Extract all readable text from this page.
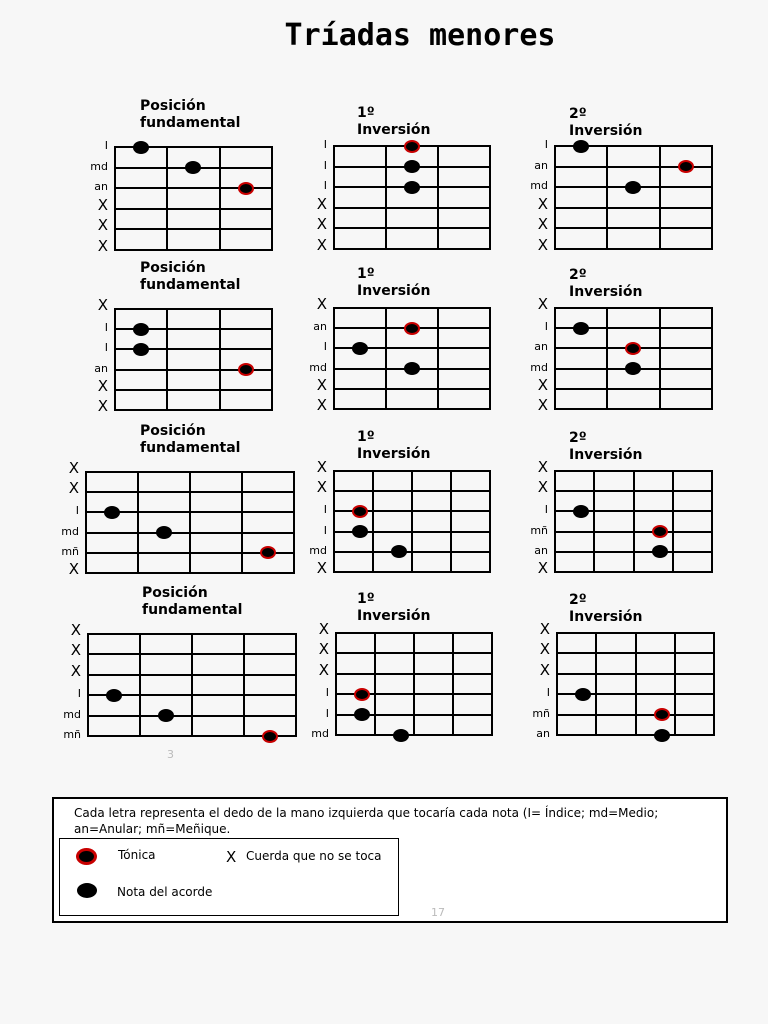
Tríadas menores
Posición
fundamental
I
md
an
X
X
X
1º Inversión
I
I
I
X
X
X
2º Inversión
I
an
md
X
X
X
Posición
fundamental
X
I
I
an
X
X
1º Inversión
X
an
I
md
X
X
2º Inversión
X
I
an
md
X
X
Posición
fundamental
X
X
I
md
mñ
X
1º Inversión
X
X
I
I
md
X
2º Inversión
X
X
I
mñ
an
X
Posición
fundamental
X
X
X
I
md
mñ
1º Inversión
X
X
X
I
I
md
2º Inversión
X
X
X
I
mñ
an
3
Cada letra representa el dedo de la mano izquierda que tocaría cada nota (I= Índice; md=Medio; an=Anular; mñ=Meñique.
Tónica
Nota del acorde
X Cuerda que no se toca
17
